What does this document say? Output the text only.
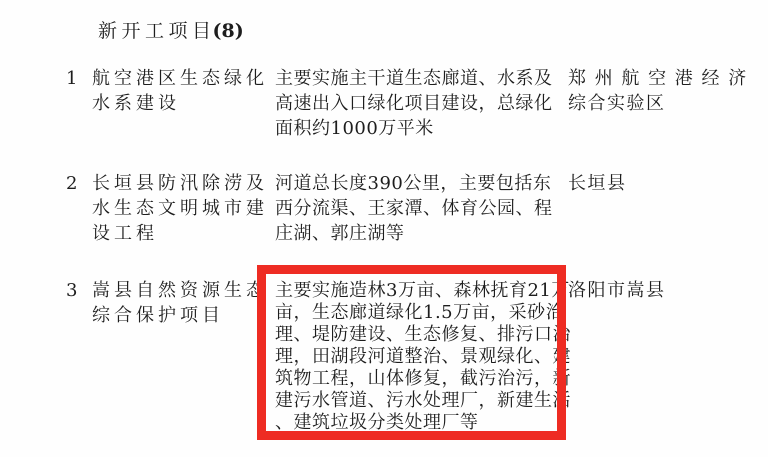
新开工项目(8)
1 航空港区生态绿化
水系建设
主要实施主干道生态廊道、水系及
高速出入口绿化项目建设，总绿化
面积约1000万平米
郑州航空港经济
综合实验区
2 长垣县防汛除涝及
水生态文明城市建
设工程
河道总长度390公里，主要包括东
西分流渠、王家潭、体育公园、程
庄湖、郭庄湖等
长垣县
3 嵩县自然资源生态
综合保护项目
主要实施造林3万亩、森林抚育21万
亩，生态廊道绿化1.5万亩，采砂治
理、堤防建设、生态修复、排污口治
理，田湖段河道整治、景观绿化、建
筑物工程，山体修复，截污治污，新
建污水管道、污水处理厂，新建生活
、建筑垃圾分类处理厂等
洛阳市嵩县
